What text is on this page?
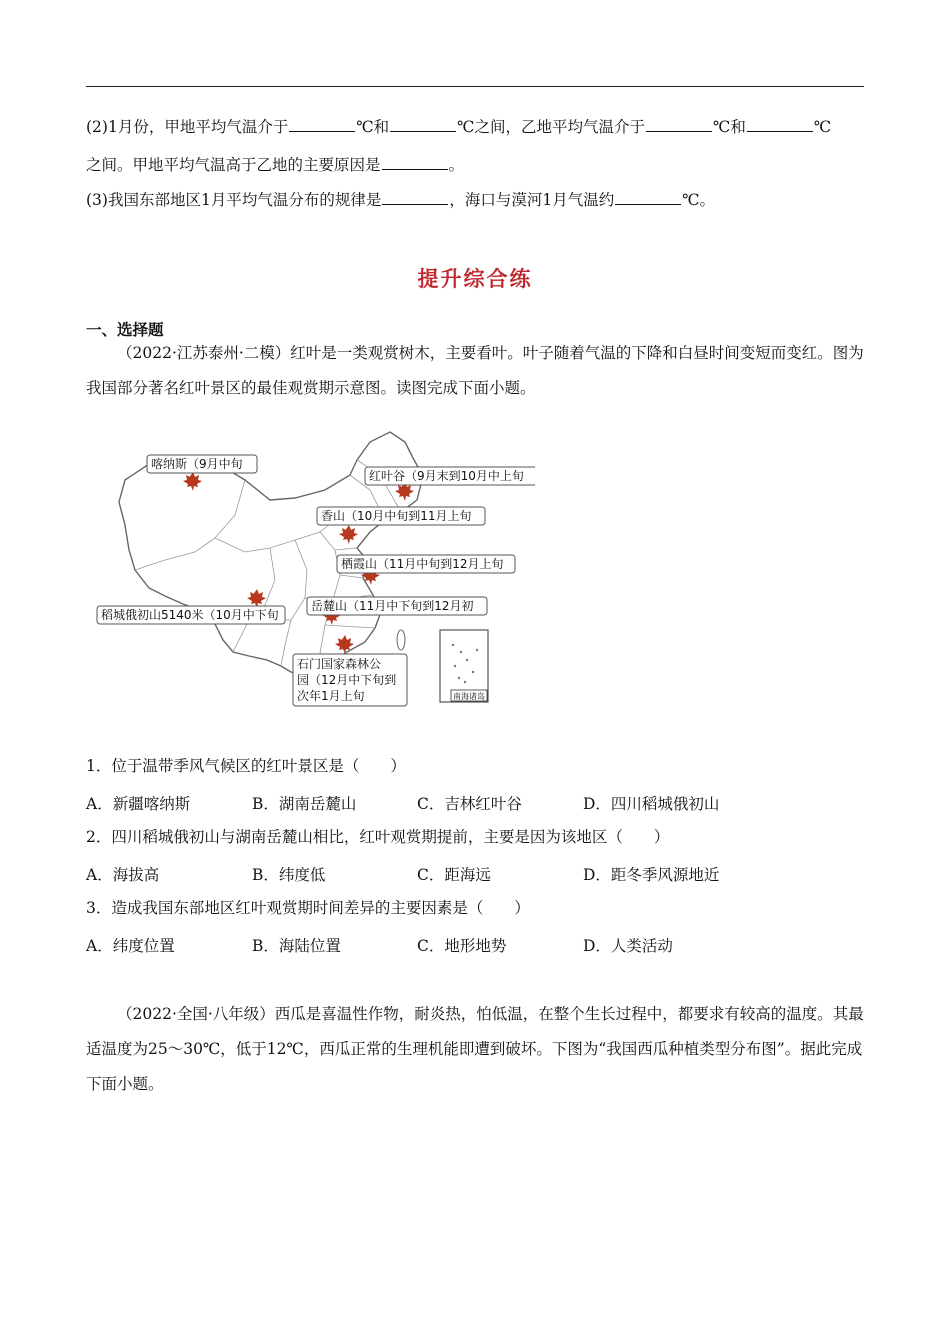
(2)1月份，甲地平均气温介于	℃和	℃之间，乙地平均气温介于	℃和	℃
之间。甲地平均气温高于乙地的主要原因是	。
(3)我国东部地区1月平均气温分布的规律是	，海口与漠河1月气温约	℃。
提升综合练
一、选择题
（2022·江苏泰州·二模）红叶是一类观赏树木，主要看叶。叶子随着气温的下降和白昼时间变短而变红。图为我国部分著名红叶景区的最佳观赏期示意图。读图完成下面小题。
南海诸岛
喀纳斯（9月中旬
红叶谷（9月末到10月中上旬
香山（10月中旬到11月上旬
栖霞山（11月中旬到12月上旬
岳麓山（11月中下旬到12月初
稻城俄初山5140米（10月中下旬
石门国家森林公
园（12月中下旬到
次年1月上旬
1．位于温带季风气候区的红叶景区是（　　）
A．新疆喀纳斯	B．湖南岳麓山	C．吉林红叶谷	D．四川稻城俄初山
2．四川稻城俄初山与湖南岳麓山相比，红叶观赏期提前，主要是因为该地区（　　）
A．海拔高	B．纬度低	C．距海远	D．距冬季风源地近
3．造成我国东部地区红叶观赏期时间差异的主要因素是（　　）
A．纬度位置	B．海陆位置	C．地形地势	D．人类活动
（2022·全国·八年级）西瓜是喜温性作物，耐炎热，怕低温，在整个生长过程中，都要求有较高的温度。其最适温度为25～30℃，低于12℃，西瓜正常的生理机能即遭到破坏。下图为“我国西瓜种植类型分布图”。据此完成下面小题。
